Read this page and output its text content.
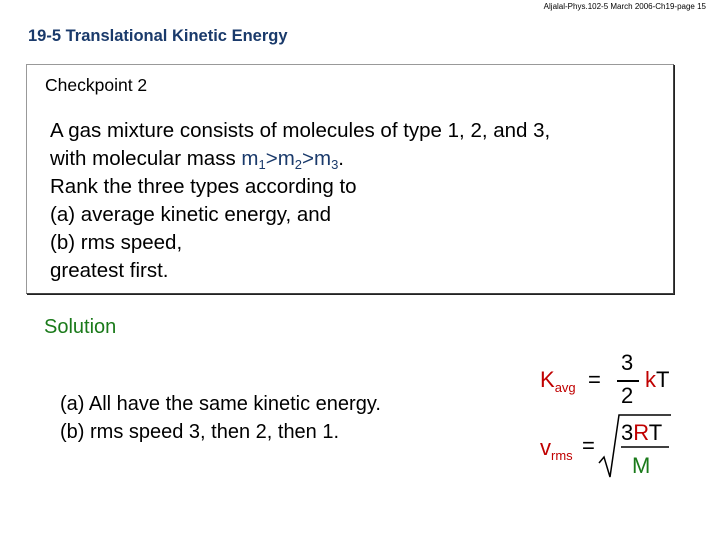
Aljalal-Phys.102-5 March 2006-Ch19-page 15
19-5 Translational Kinetic Energy
Checkpoint 2
A gas mixture consists of molecules of type 1, 2, and 3,
with molecular mass $m_1>m_2>m_3$.
Rank the three types according to
(a) average kinetic energy, and
(b) rms speed,
greatest first.
Solution
(a) All have the same kinetic energy.
(b) rms speed 3, then 2, then 1.
$K_{avg}$ =
3
2
kT
$v_{rms}$ =
3RT
M
